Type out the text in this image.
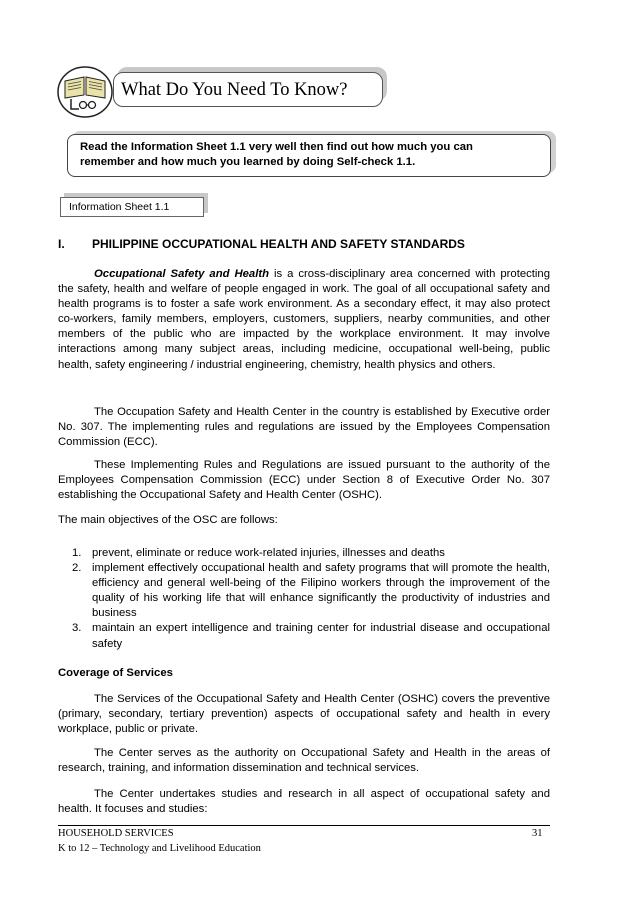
What Do You Need To Know?
Read the Information Sheet 1.1 very well then find out how much you can
remember and how much you learned by doing Self-check 1.1.
Information Sheet 1.1
I. PHILIPPINE OCCUPATIONAL HEALTH AND SAFETY STANDARDS
Occupational Safety and Health is a cross-disciplinary area concerned with protecting the safety, health and welfare of people engaged in work. The goal of all occupational safety and health programs is to foster a safe work environment. As a secondary effect, it may also protect co-workers, family members, employers, customers, suppliers, nearby communities, and other members of the public who are impacted by the workplace environment. It may involve interactions among many subject areas, including medicine, occupational well-being, public health, safety engineering / industrial engineering, chemistry, health physics and others.
The Occupation Safety and Health Center in the country is established by Executive order No. 307. The implementing rules and regulations are issued by the Employees Compensation Commission (ECC).
These Implementing Rules and Regulations are issued pursuant to the authority of the Employees Compensation Commission (ECC) under Section 8 of Executive Order No. 307 establishing the Occupational Safety and Health Center (OSHC).
The main objectives of the OSC are follows:
1. prevent, eliminate or reduce work-related injuries, illnesses and deaths
2. implement effectively occupational health and safety programs that will promote the health, efficiency and general well-being of the Filipino workers through the improvement of the quality of his working life that will enhance significantly the productivity of industries and business
3. maintain an expert intelligence and training center for industrial disease and occupational safety
Coverage of Services
The Services of the Occupational Safety and Health Center (OSHC) covers the preventive (primary, secondary, tertiary prevention) aspects of occupational safety and health in every workplace, public or private.
The Center serves as the authority on Occupational Safety and Health in the areas of research, training, and information dissemination and technical services.
The Center undertakes studies and research in all aspect of occupational safety and health. It focuses and studies:
HOUSEHOLD SERVICES
K to 12 – Technology and Livelihood Education
31
